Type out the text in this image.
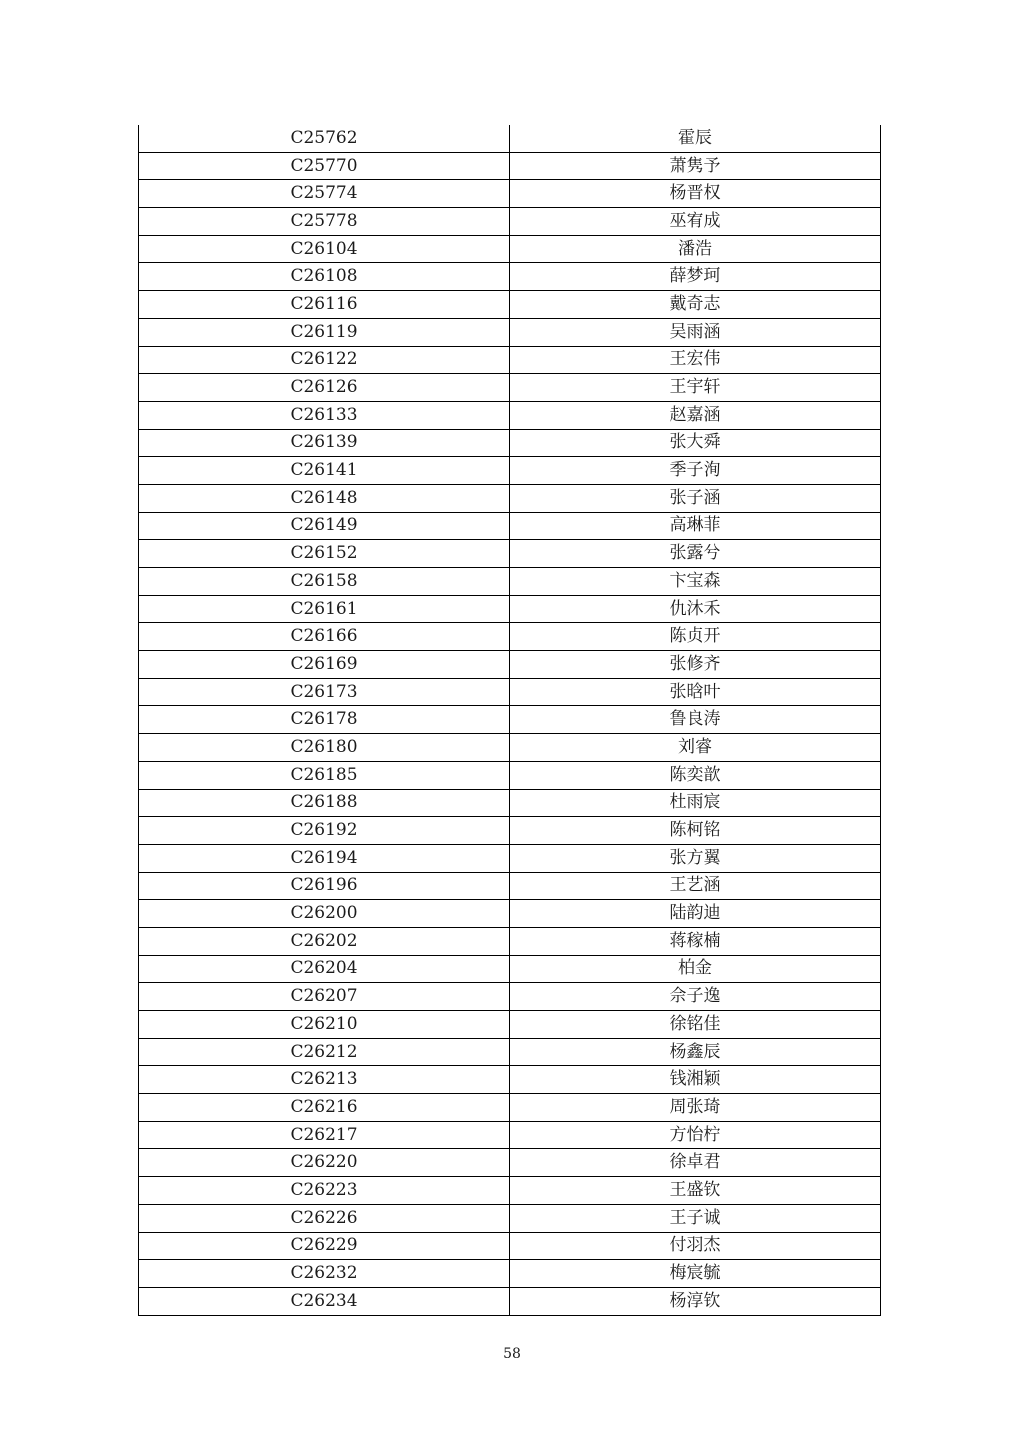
C25762	霍辰
C25770	萧隽予
C25774	杨晋权
C25778	巫宥成
C26104	潘浩
C26108	薛梦珂
C26116	戴奇志
C26119	吴雨涵
C26122	王宏伟
C26126	王宇轩
C26133	赵嘉涵
C26139	张大舜
C26141	季子洵
C26148	张子涵
C26149	高琳菲
C26152	张露兮
C26158	卞宝森
C26161	仇沐禾
C26166	陈贞开
C26169	张修齐
C26173	张晗叶
C26178	鲁良涛
C26180	刘睿
C26185	陈奕歆
C26188	杜雨宸
C26192	陈柯铭
C26194	张方翼
C26196	王艺涵
C26200	陆韵迪
C26202	蒋稼楠
C26204	柏金
C26207	佘子逸
C26210	徐铭佳
C26212	杨鑫辰
C26213	钱湘颖
C26216	周张琦
C26217	方怡柠
C26220	徐卓君
C26223	王盛钦
C26226	王子诚
C26229	付羽杰
C26232	梅宸毓
C26234	杨淳钦
58
